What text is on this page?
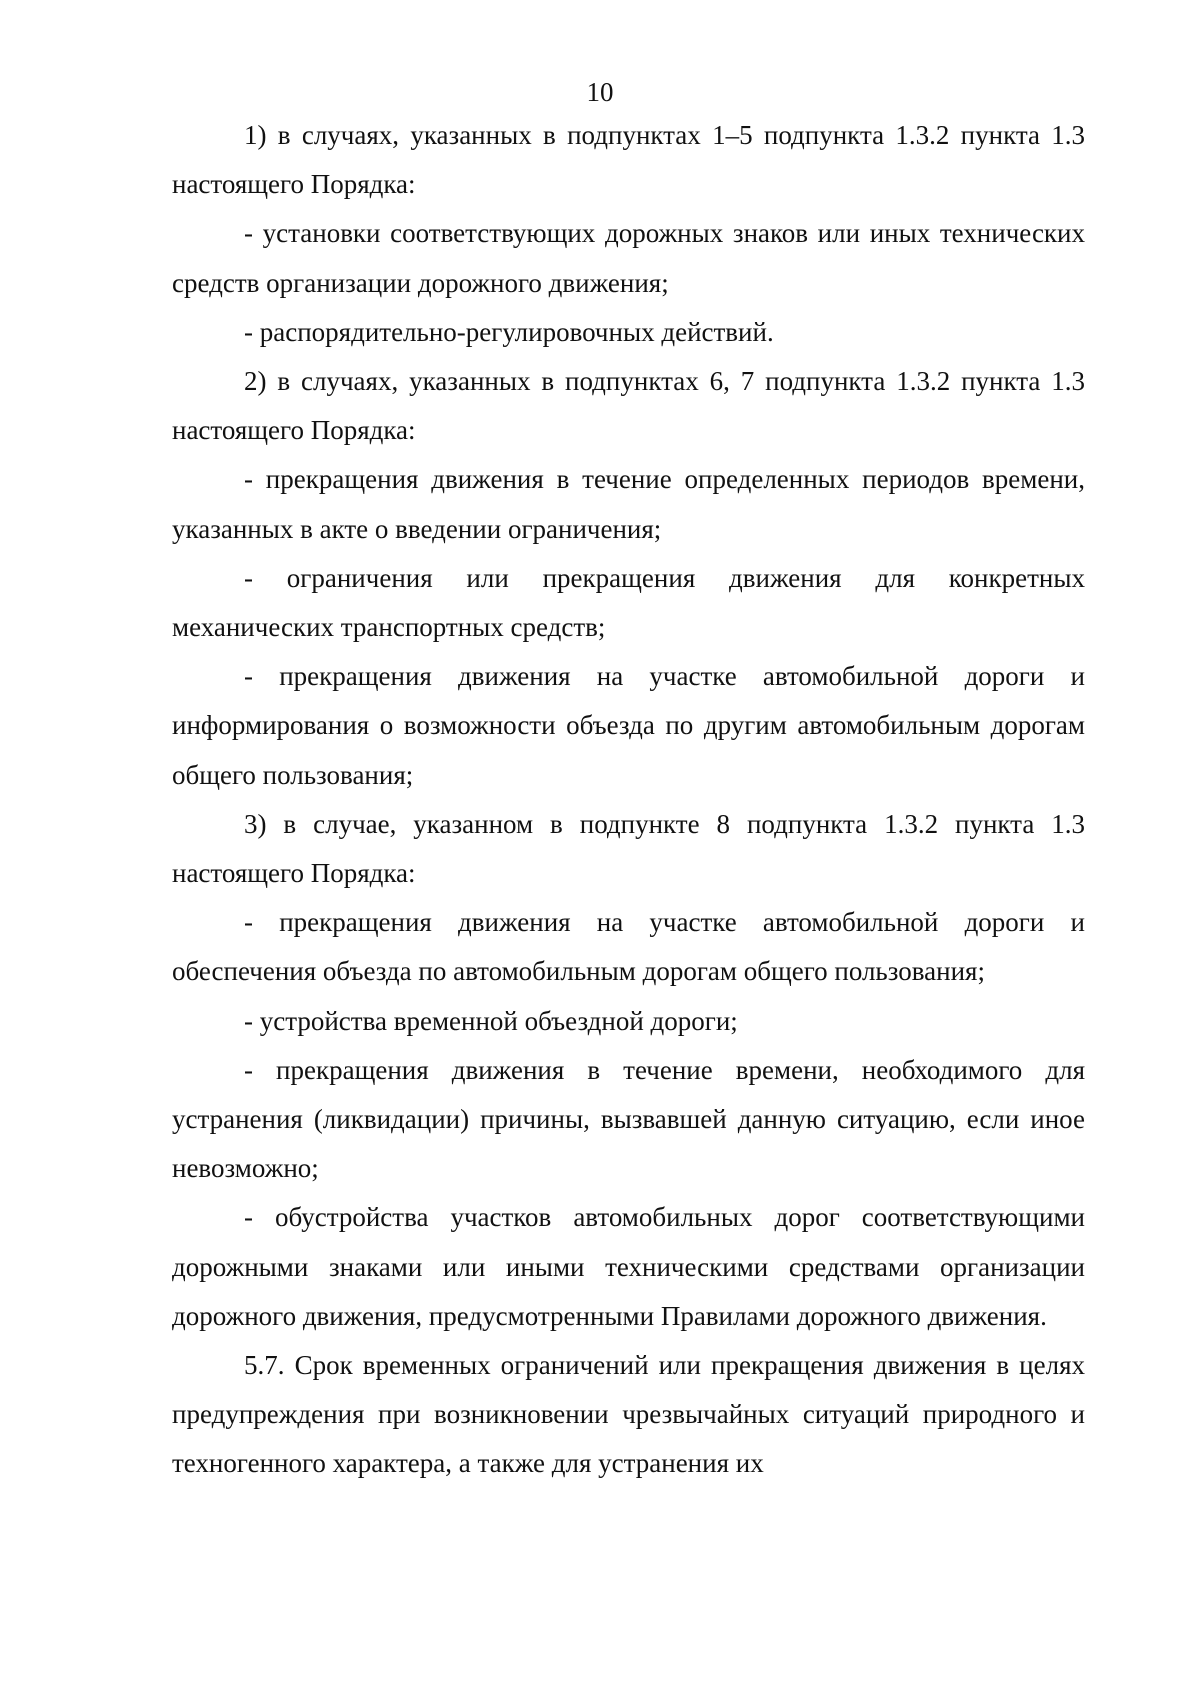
10

1) в случаях, указанных в подпунктах 1–5 подпункта 1.3.2 пункта 1.3 настоящего Порядка:

- установки соответствующих дорожных знаков или иных технических средств организации дорожного движения;

- распорядительно-регулировочных действий.

2) в случаях, указанных в подпунктах 6, 7 подпункта 1.3.2 пункта 1.3 настоящего Порядка:

- прекращения движения в течение определенных периодов времени, указанных в акте о введении ограничения;

- ограничения или прекращения движения для конкретных механических транспортных средств;

- прекращения движения на участке автомобильной дороги и информирования о возможности объезда по другим автомобильным дорогам общего пользования;

3) в случае, указанном в подпункте 8 подпункта 1.3.2 пункта 1.3 настоящего Порядка:

- прекращения движения на участке автомобильной дороги и обеспечения объезда по автомобильным дорогам общего пользования;

- устройства временной объездной дороги;

- прекращения движения в течение времени, необходимого для устранения (ликвидации) причины, вызвавшей данную ситуацию, если иное невозможно;

- обустройства участков автомобильных дорог соответствующими дорожными знаками или иными техническими средствами организации дорожного движения, предусмотренными Правилами дорожного движения.

5.7. Срок временных ограничений или прекращения движения в целях предупреждения при возникновении чрезвычайных ситуаций природного и техногенного характера, а также для устранения их
